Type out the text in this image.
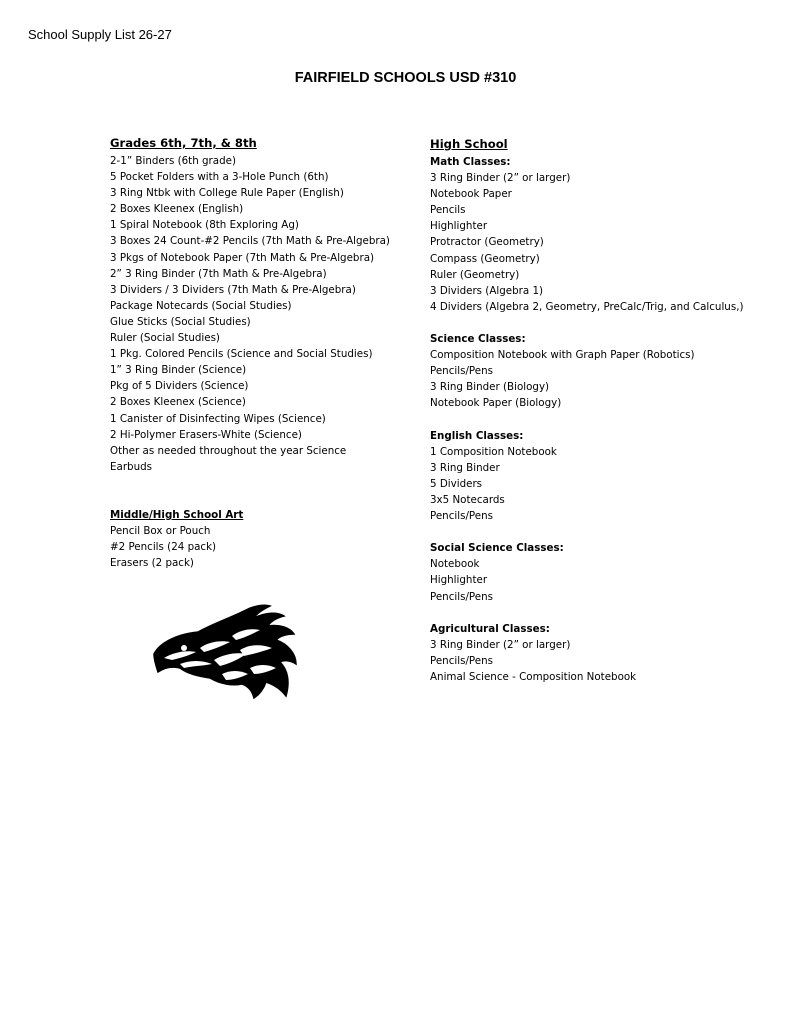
School Supply List 26-27
FAIRFIELD SCHOOLS USD #310
Grades 6th, 7th, & 8th
2-1” Binders (6th grade)
5 Pocket Folders with a 3-Hole Punch (6th)
3 Ring Ntbk with College Rule Paper (English)
2 Boxes Kleenex (English)
1 Spiral Notebook (8th Exploring Ag)
3 Boxes 24 Count-#2 Pencils (7th Math & Pre-Algebra)
3 Pkgs of Notebook Paper (7th Math & Pre-Algebra)
2” 3 Ring Binder (7th Math & Pre-Algebra)
3 Dividers / 3 Dividers (7th Math & Pre-Algebra)
Package Notecards (Social Studies)
Glue Sticks (Social Studies)
Ruler (Social Studies)
1 Pkg. Colored Pencils (Science and Social Studies)
1” 3 Ring Binder (Science)
Pkg of 5 Dividers (Science)
2 Boxes Kleenex (Science)
1 Canister of Disinfecting Wipes (Science)
2 Hi-Polymer Erasers-White (Science)
Other as needed throughout the year Science
Earbuds
Middle/High School Art
Pencil Box or Pouch
#2 Pencils (24 pack)
Erasers (2 pack)
High School
Math Classes:
3 Ring Binder (2” or larger)
Notebook Paper
Pencils
Highlighter
Protractor (Geometry)
Compass (Geometry)
Ruler (Geometry)
3 Dividers (Algebra 1)
4 Dividers (Algebra 2, Geometry, PreCalc/Trig, and Calculus,)
Science Classes:
Composition Notebook with Graph Paper (Robotics)
Pencils/Pens
3 Ring Binder (Biology)
Notebook Paper (Biology)
English Classes:
1 Composition Notebook
3 Ring Binder
5 Dividers
3x5 Notecards
Pencils/Pens
Social Science Classes:
Notebook
Highlighter
Pencils/Pens
Agricultural Classes:
3 Ring Binder (2” or larger)
Pencils/Pens
Animal Science - Composition Notebook
